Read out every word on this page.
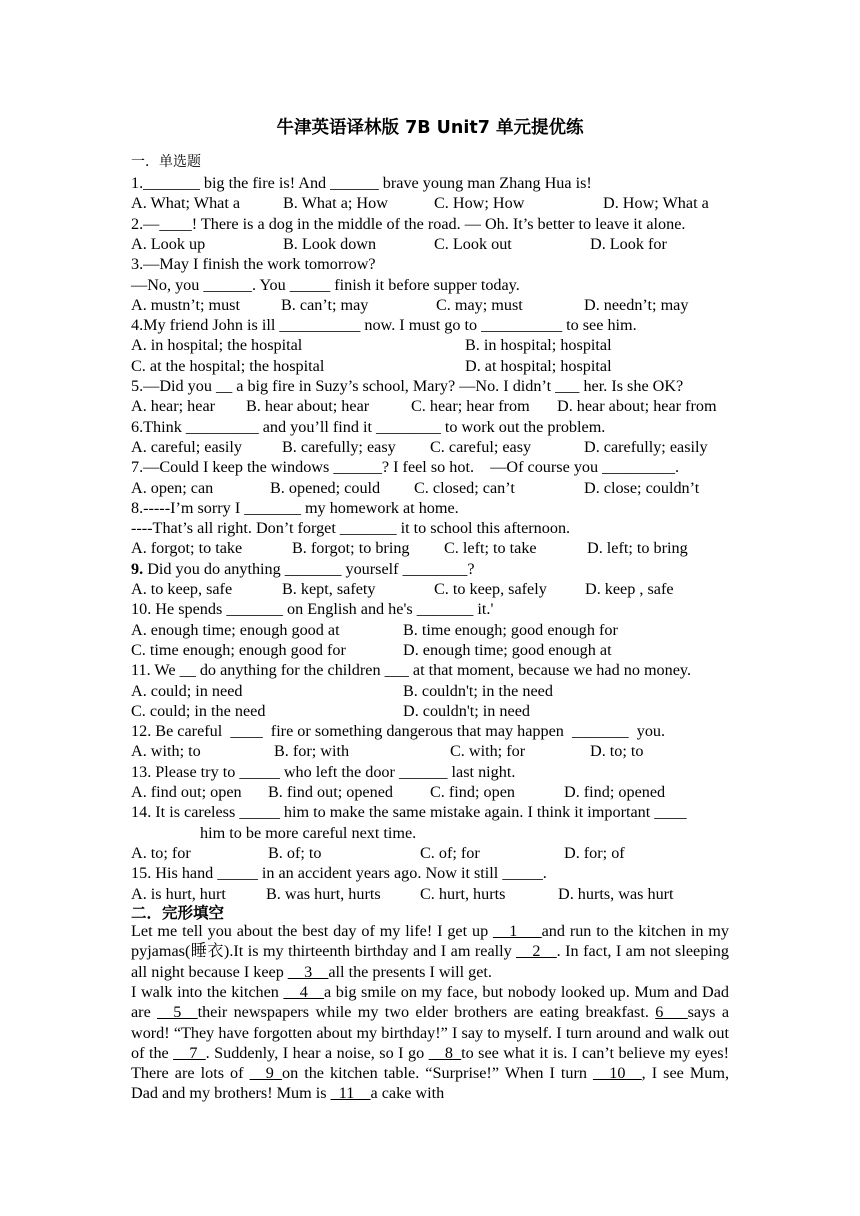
牛津英语译林版 7B Unit7 单元提优练
一．单选题
1._______ big the fire is! And ______ brave young man Zhang Hua is!
A. What; What a	B. What a; How	C. How; How	D. How; What a
2.—____! There is a dog in the middle of the road. — Oh. It’s better to leave it alone.
A. Look up	B. Look down	C. Look out	D. Look for
3.—May I finish the work tomorrow?
—No, you ______. You _____ finish it before supper today.
A. mustn’t; must	B. can’t; may	C. may; must	D. needn’t; may
4.My friend John is ill __________ now. I must go to __________ to see him.
A. in hospital; the hospital	B. in hospital; hospital
C. at the hospital; the hospital	D. at hospital; hospital
5.—Did you __ a big fire in Suzy’s school, Mary? —No. I didn’t ___ her. Is she OK?
A. hear; hear B. hear about; hear	C. hear; hear from D. hear about; hear from
6.Think _________ and you’ll find it ________ to work out the problem.
A. careful; easily B. carefully; easy C. careful; easy	D. carefully; easily
7.—Could I keep the windows ______? I feel so hot.    —Of course you _________.
A. open; can	B. opened; could C. closed; can’t	D. close; couldn’t
8.-----I’m sorry I _______ my homework at home.
----That’s all right. Don’t forget _______ it to school this afternoon.
A. forgot; to take	B. forgot; to bring C. left; to take	D. left; to bring
9. Did you do anything _______ yourself ________?
A. to keep, safe	B. kept, safety	C. to keep, safely D. keep , safe
10. He spends _______ on English and he's _______ it.'
A. enough time; enough good at	B. time enough; good enough for
C. time enough; enough good for	D. enough time; good enough at
11. We __ do anything for the children ___ at that moment, because we had no money.
A. could; in need	B. couldn't; in the need
C. could; in the need	D. couldn't; in need
12. Be careful  ____  fire or something dangerous that may happen  _______  you.
A. with; to	B. for; with	C. with; for	D. to; to
13. Please try to _____ who left the door ______ last night.
A. find out; open B. find out; opened C. find; open	D. find; opened
14. It is careless _____ him to make the same mistake again. I think it important ____
him to be more careful next time.
A. to; for	B. of; to	C. of; for	D. for; of
15. His hand _____ in an accident years ago. Now it still _____.
A. is hurt, hurt B. was hurt, hurts C. hurt, hurts	D. hurts, was hurt
二．完形填空
Let me tell you about the best day of my life! I get up __1___and run to the kitchen in my pyjamas(睡衣).It is my thirteenth birthday and I am really __2__. In fact, I am not sleeping all night because I keep __3__all the presents I will get.
I walk into the kitchen __4__a big smile on my face, but nobody looked up. Mum and Dad are __5__their newspapers while my two elder brothers are eating breakfast. 6___says a word! “They have forgotten about my birthday!” I say to myself. I turn around and walk out of the __7_. Suddenly, I hear a noise, so I go __8_to see what it is. I can’t believe my eyes! There are lots of __9_on the kitchen table. “Surprise!” When I turn __10__, I see Mum, Dad and my brothers! Mum is _11__a cake with
